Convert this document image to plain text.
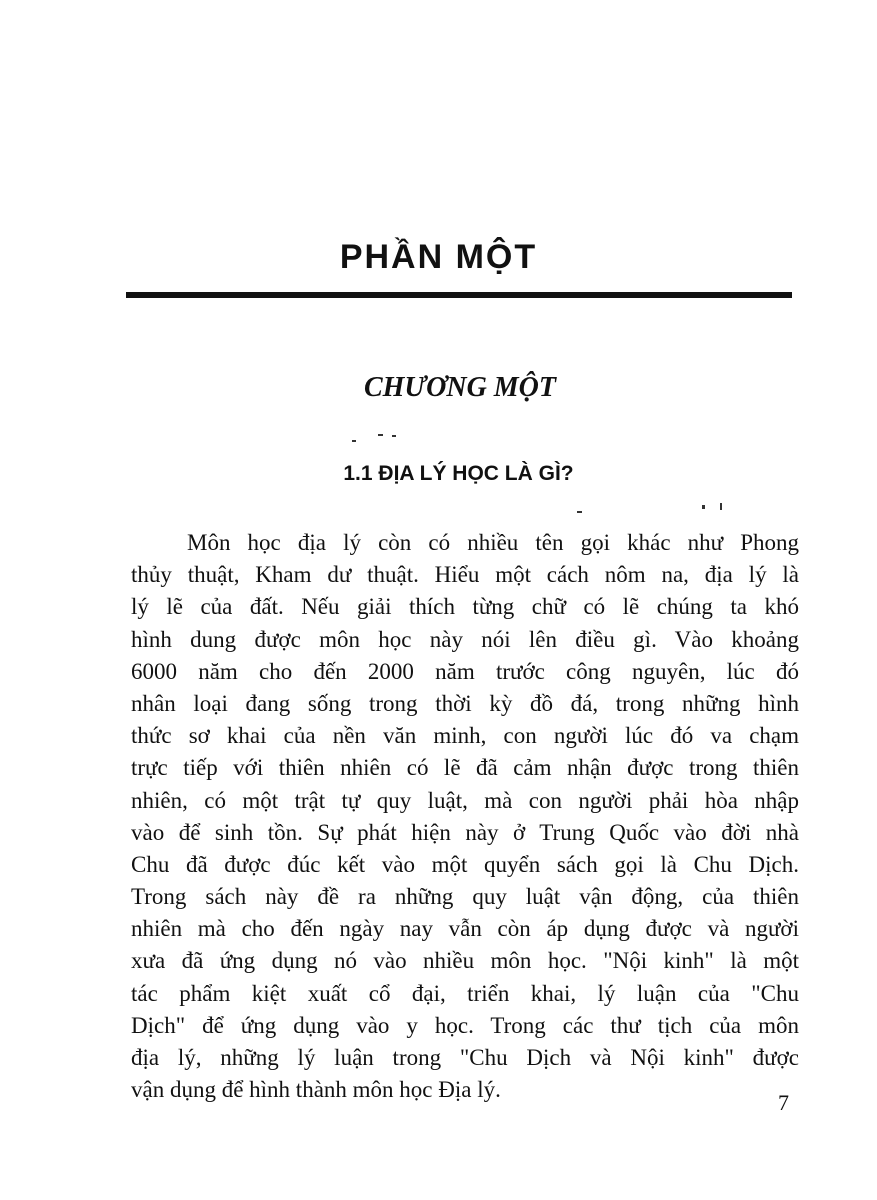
PHẦN MỘT
CHƯƠNG MỘT
1.1 ĐỊA LÝ HỌC LÀ GÌ?
Môn học địa lý còn có nhiều tên gọi khác như Phong
thủy thuật, Kham dư thuật. Hiểu một cách nôm na, địa lý là
lý lẽ của đất. Nếu giải thích từng chữ có lẽ chúng ta khó
hình dung được môn học này nói lên điều gì. Vào khoảng
6000 năm cho đến 2000 năm trước công nguyên, lúc đó
nhân loại đang sống trong thời kỳ đồ đá, trong những hình
thức sơ khai của nền văn minh, con người lúc đó va chạm
trực tiếp với thiên nhiên có lẽ đã cảm nhận được trong thiên
nhiên, có một trật tự quy luật, mà con người phải hòa nhập
vào để sinh tồn. Sự phát hiện này ở Trung Quốc vào đời nhà
Chu đã được đúc kết vào một quyển sách gọi là Chu Dịch.
Trong sách này đề ra những quy luật vận động, của thiên
nhiên mà cho đến ngày nay vẫn còn áp dụng được và người
xưa đã ứng dụng nó vào nhiều môn học. "Nội kinh" là một
tác phẩm kiệt xuất cổ đại, triển khai, lý luận của "Chu
Dịch" để ứng dụng vào y học. Trong các thư tịch của môn
địa lý, những lý luận trong "Chu Dịch và Nội kinh" được
vận dụng để hình thành môn học Địa lý.
7
